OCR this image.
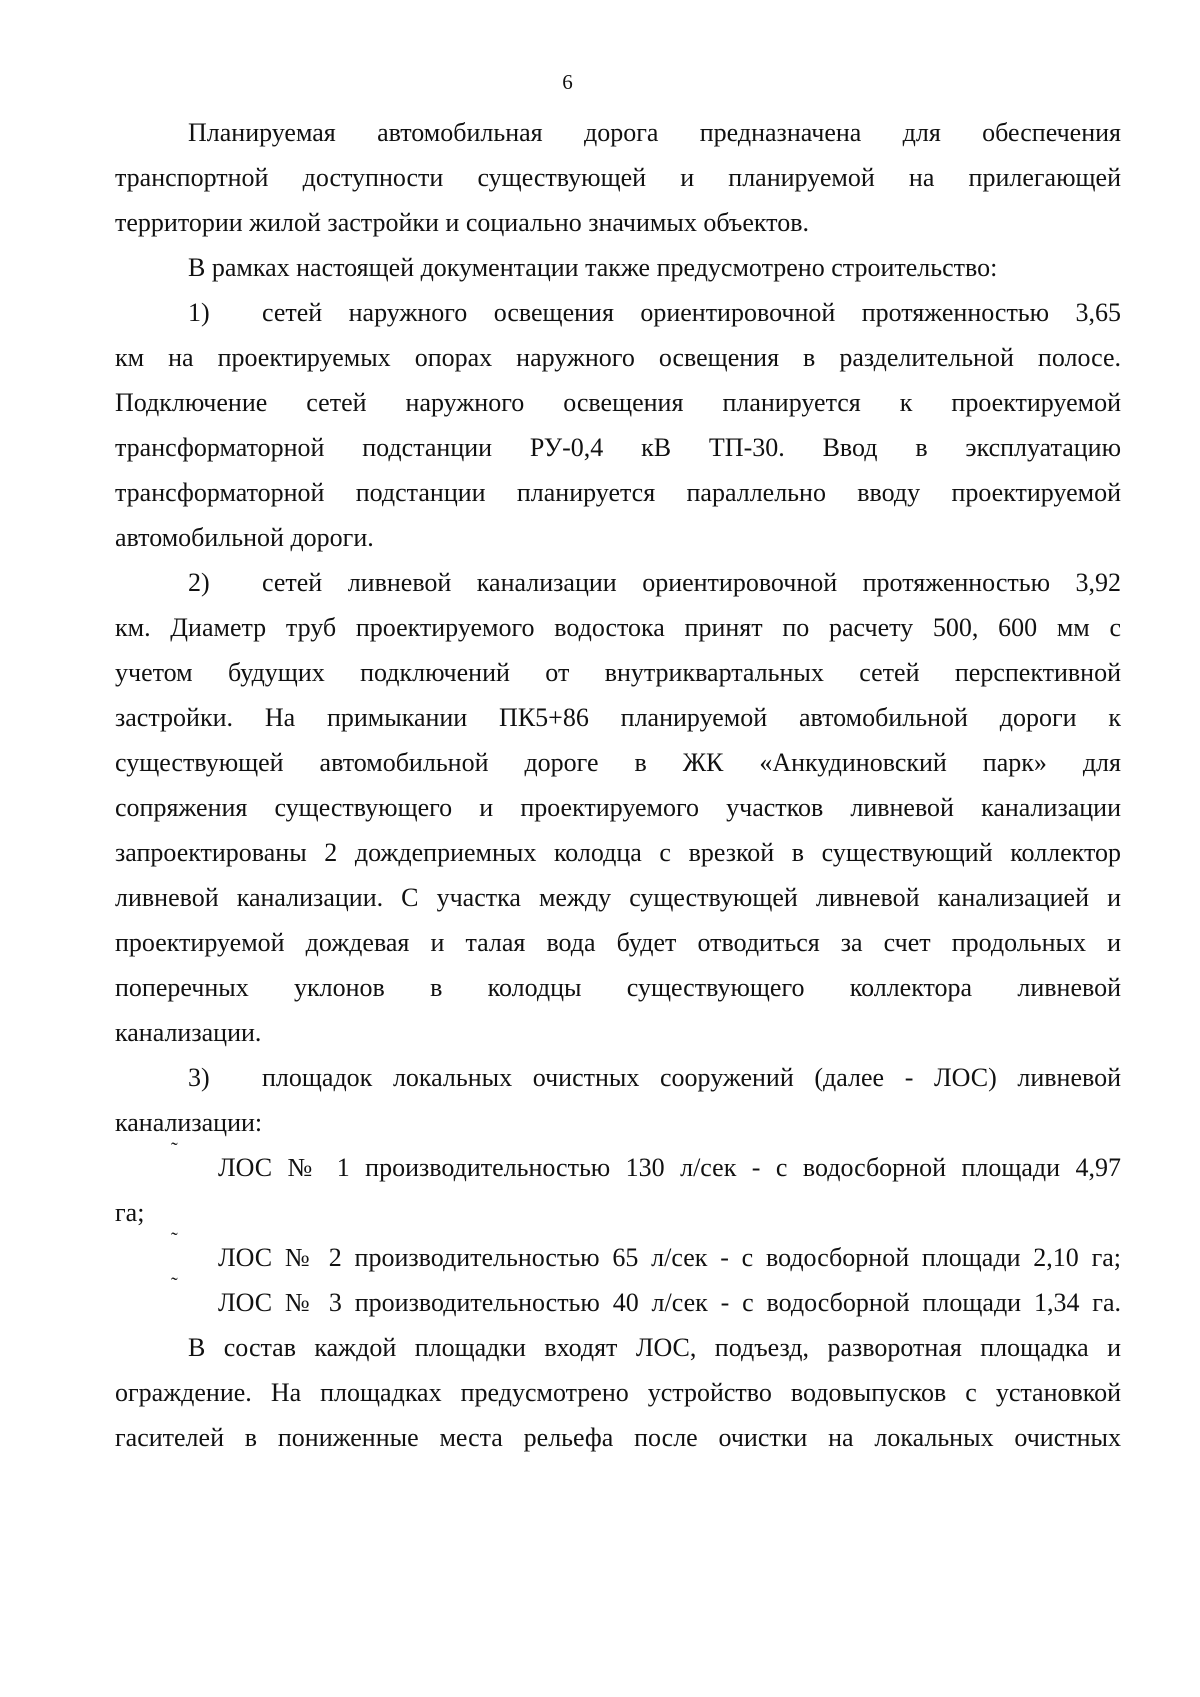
6
Планируемая автомобильная дорога предназначена для обеспечения
транспортной доступности существующей и планируемой на прилегающей
территории жилой застройки и социально значимых объектов.
В рамках настоящей документации также предусмотрено строительство:
1)	сетей наружного освещения ориентировочной протяженностью 3,65
км на проектируемых опорах наружного освещения в разделительной полосе.
Подключение сетей наружного освещения планируется к проектируемой
трансформаторной подстанции РУ-0,4 кВ ТП-30. Ввод в эксплуатацию
трансформаторной подстанции планируется параллельно вводу проектируемой
автомобильной дороги.
2)	сетей ливневой канализации ориентировочной протяженностью 3,92
км. Диаметр труб проектируемого водостока принят по расчету 500, 600 мм с
учетом будущих подключений от внутриквартальных сетей перспективной
застройки. На примыкании ПК5+86 планируемой автомобильной дороги к
существующей автомобильной дороге в ЖК «Анкудиновский парк» для
сопряжения существующего и проектируемого участков ливневой канализации
запроектированы 2 дождеприемных колодца с врезкой в существующий коллектор
ливневой канализации. С участка между существующей ливневой канализацией и
проектируемой дождевая и талая вода будет отводиться за счет продольных и
поперечных уклонов в колодцы существующего коллектора ливневой
канализации.
3)	площадок локальных очистных сооружений (далее - ЛОС) ливневой
канализации:
˜
ЛОС № 1 производительностью 130 л/сек - с водосборной площади 4,97
га;
˜
ЛОС № 2 производительностью 65 л/сек - с водосборной площади 2,10 га;
˜
ЛОС № 3 производительностью 40 л/сек - с водосборной площади 1,34 га.
В состав каждой площадки входят ЛОС, подъезд, разворотная площадка и
ограждение. На площадках предусмотрено устройство водовыпусков с установкой
гасителей в пониженные места рельефа после очистки на локальных очистных
